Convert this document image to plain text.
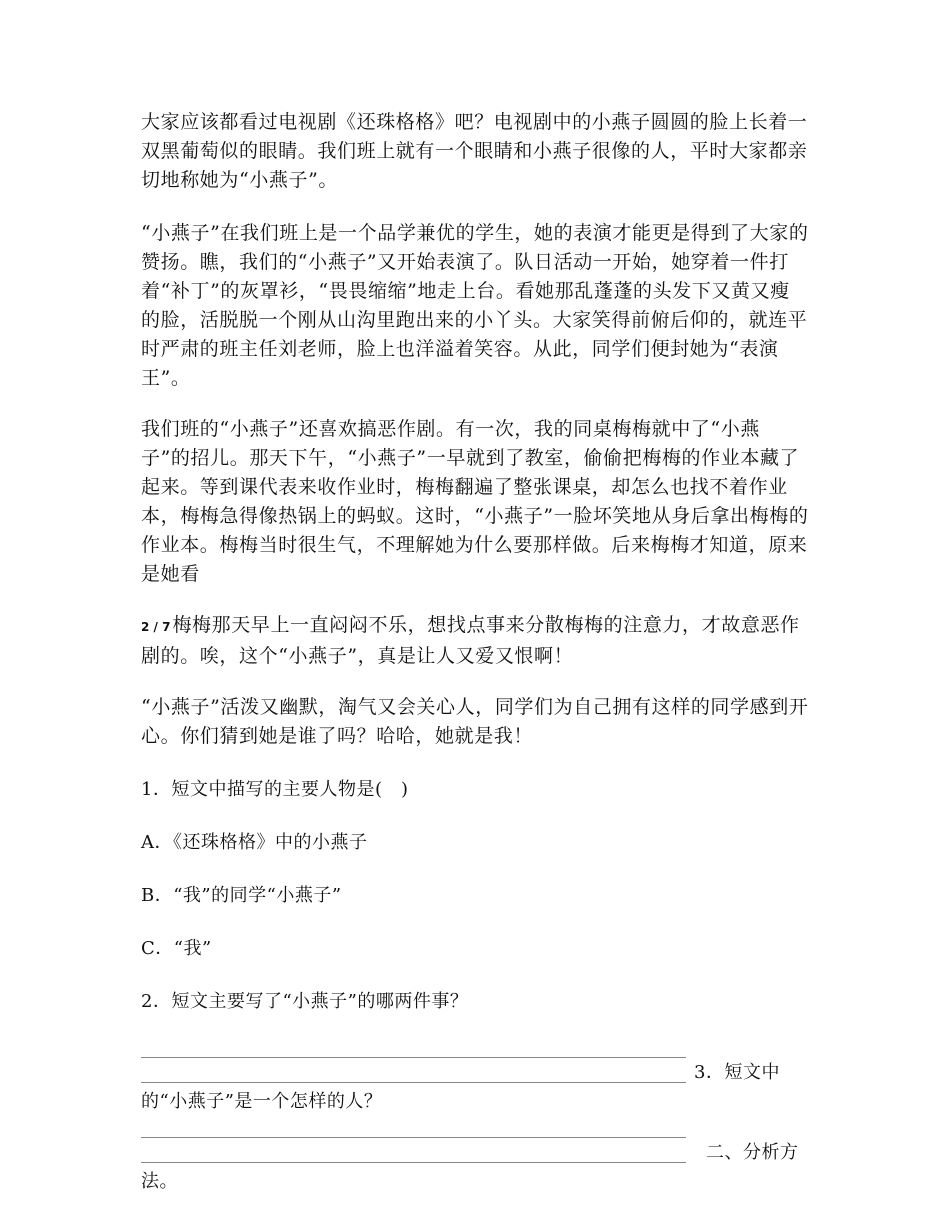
大家应该都看过电视剧《还珠格格》吧？电视剧中的小燕子圆圆的脸上长着一双黑葡萄似的眼睛。我们班上就有一个眼睛和小燕子很像的人，平时大家都亲切地称她为“小燕子”。

“小燕子”在我们班上是一个品学兼优的学生，她的表演才能更是得到了大家的赞扬。瞧，我们的“小燕子”又开始表演了。队日活动一开始，她穿着一件打着“补丁”的灰罩衫，“畏畏缩缩”地走上台。看她那乱蓬蓬的头发下又黄又瘦的脸，活脱脱一个刚从山沟里跑出来的小丫头。大家笑得前俯后仰的，就连平时严肃的班主任刘老师，脸上也洋溢着笑容。从此，同学们便封她为“表演王”。

我们班的“小燕子”还喜欢搞恶作剧。有一次，我的同桌梅梅就中了“小燕子”的招儿。那天下午，“小燕子”一早就到了教室，偷偷把梅梅的作业本藏了起来。等到课代表来收作业时，梅梅翻遍了整张课桌，却怎么也找不着作业本，梅梅急得像热锅上的蚂蚁。这时，“小燕子”一脸坏笑地从身后拿出梅梅的作业本。梅梅当时很生气，不理解她为什么要那样做。后来梅梅才知道，原来是她看

2 / 7 梅梅那天早上一直闷闷不乐，想找点事来分散梅梅的注意力，才故意恶作剧的。唉，这个“小燕子”，真是让人又爱又恨啊！

“小燕子”活泼又幽默，淘气又会关心人，同学们为自己拥有这样的同学感到开心。你们猜到她是谁了吗？哈哈，她就是我！

1．短文中描写的主要人物是(　)

A．《还珠格格》中的小燕子

B．“我”的同学“小燕子”

C．“我”

2．短文主要写了“小燕子”的哪两件事？

3．短文中

的“小燕子”是一个怎样的人？

二、分析方

法。
